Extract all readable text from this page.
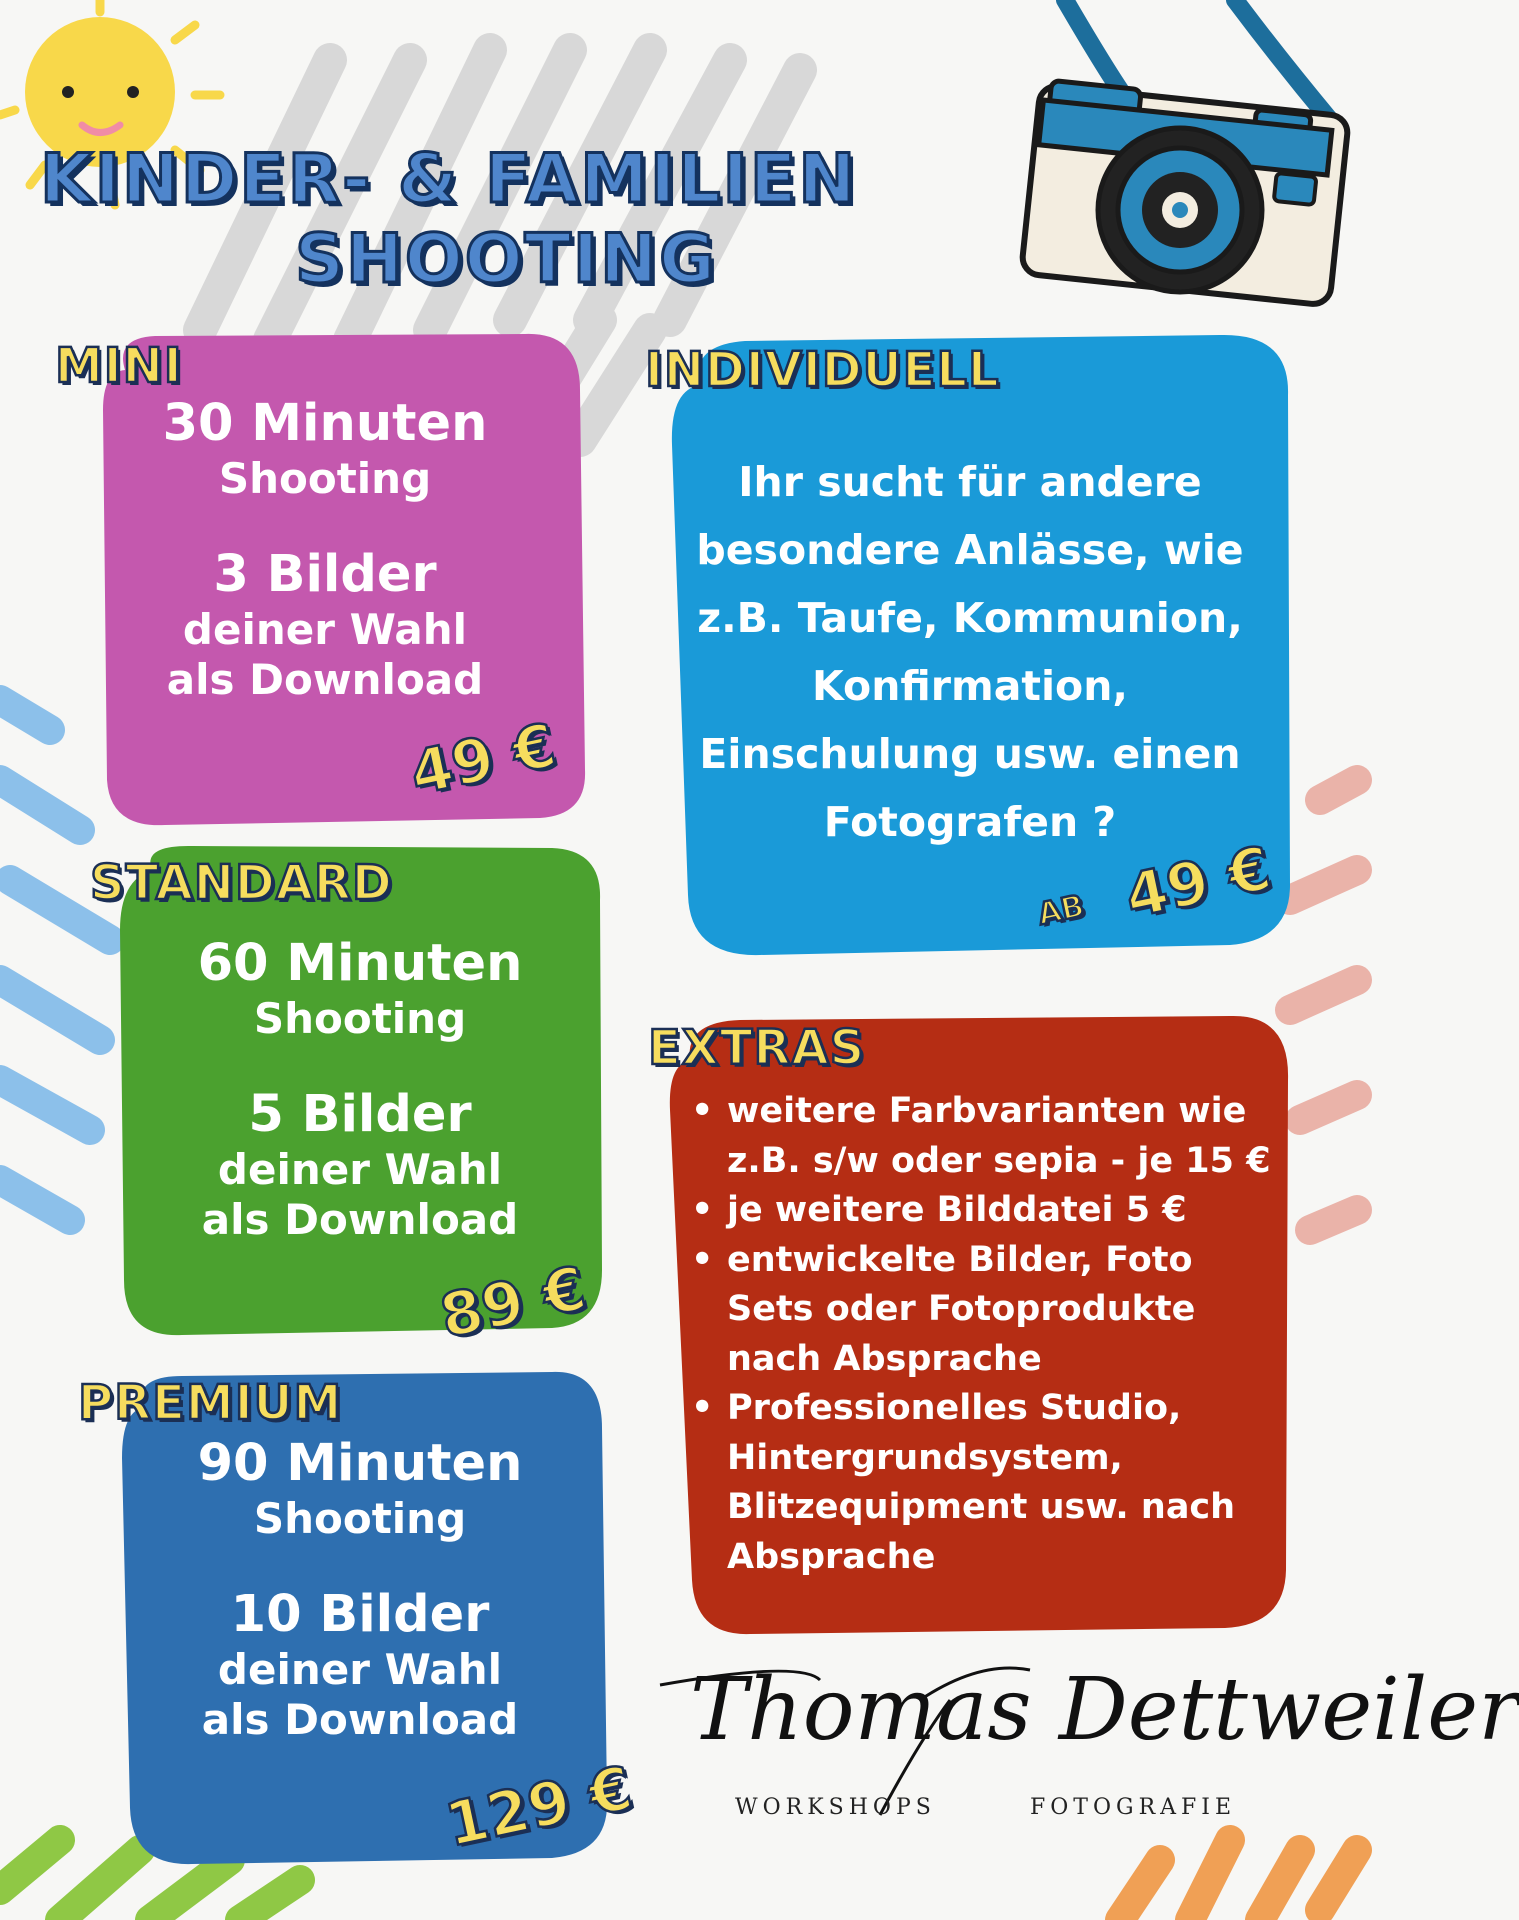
KINDER- & FAMILIEN
SHOOTING
MINI
30 Minuten
Shooting
3 Bilder
deiner Wahl
als Download
49 €
STANDARD
60 Minuten
Shooting
5 Bilder
deiner Wahl
als Download
89 €
PREMIUM
90 Minuten
Shooting
10 Bilder
deiner Wahl
als Download
129 €
INDIVIDUELL
Ihr sucht für andere
besondere Anlässe, wie
z.B. Taufe, Kommunion,
Konfirmation,
Einschulung usw. einen
Fotografen ?
AB 49 €
EXTRAS
• weitere Farbvarianten wie
z.B. s/w oder sepia - je 15 €
• je weitere Bilddatei 5 €
• entwickelte Bilder, Foto
Sets oder Fotoprodukte
nach Absprache
• Professionelles Studio,
Hintergrundsystem,
Blitzequipment usw. nach
Absprache
Thomas Dettweiler
WORKSHOPS	FOTOGRAFIE
